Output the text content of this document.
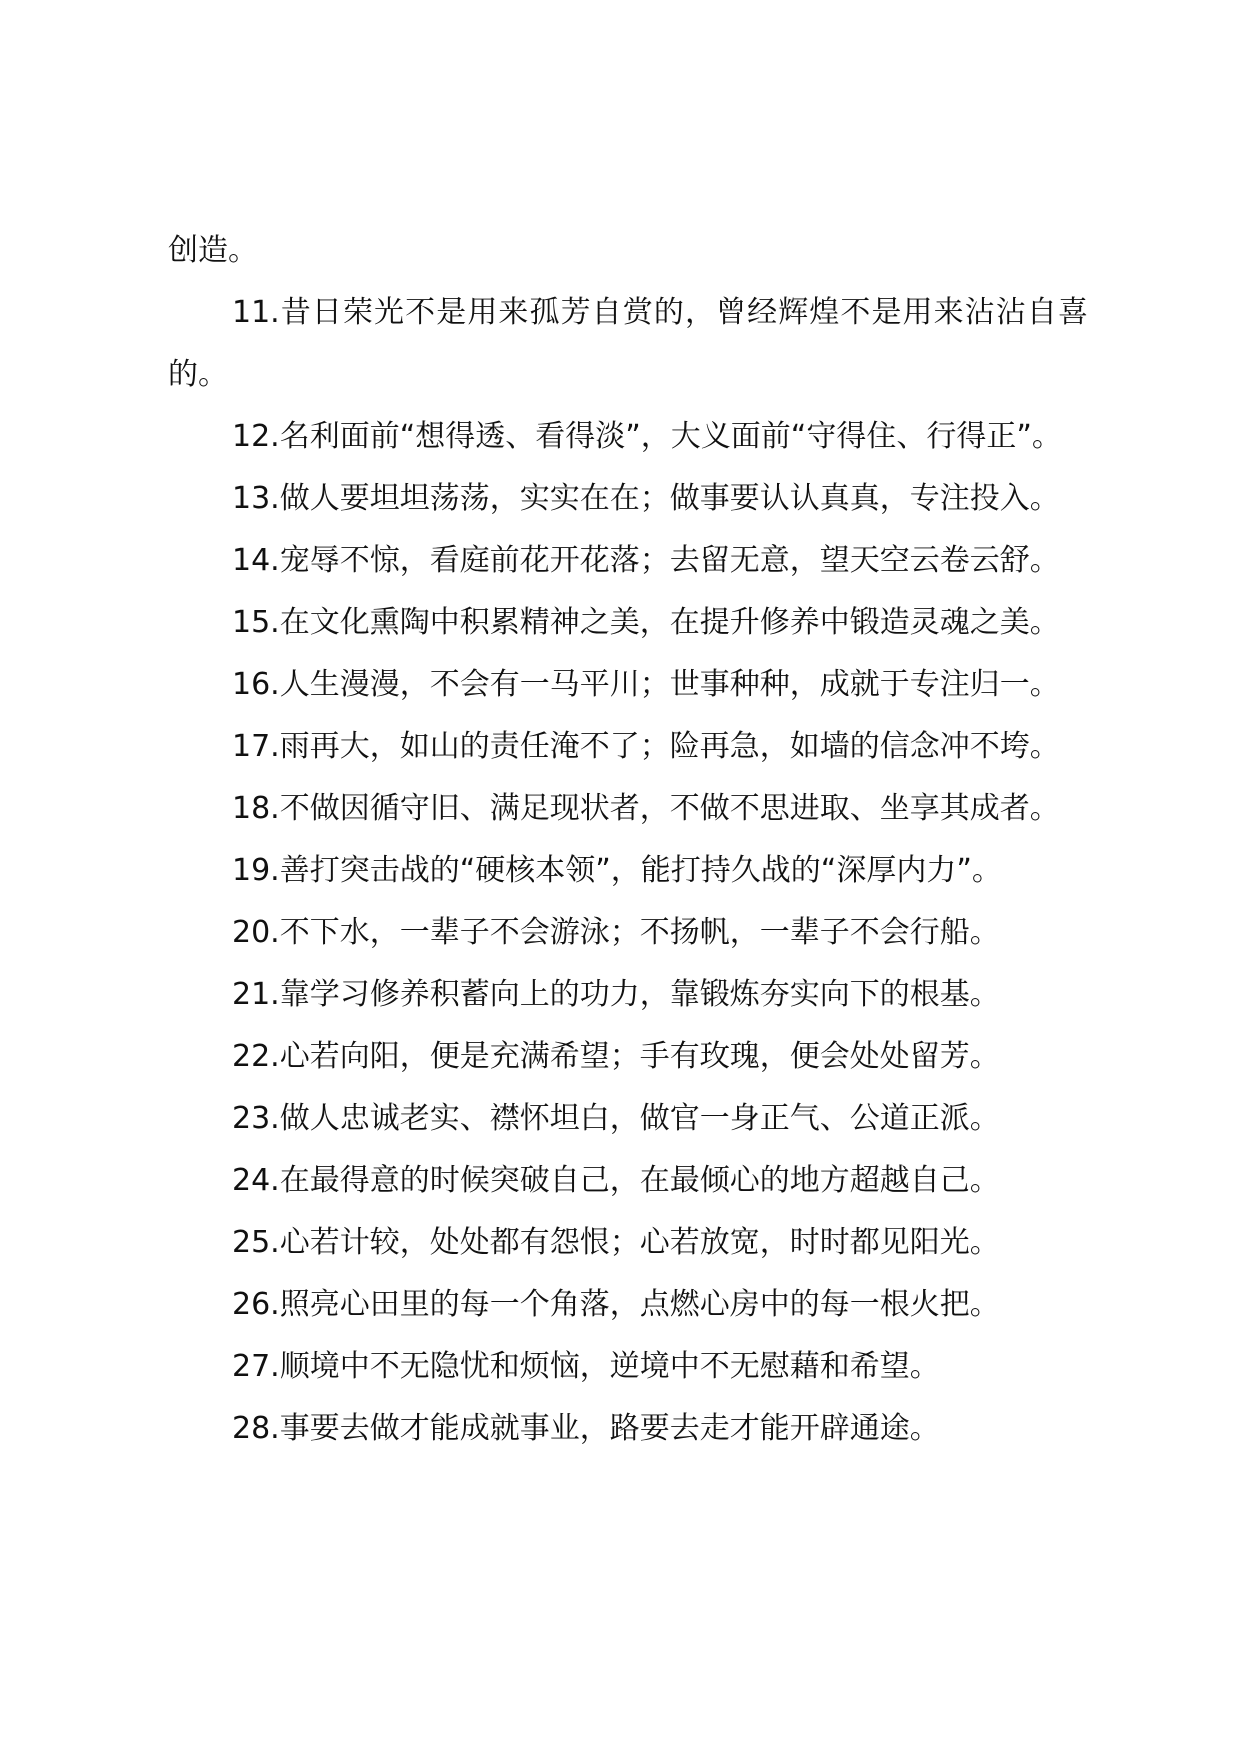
创造。

11.昔日荣光不是用来孤芳自赏的，曾经辉煌不是用来沾沾自喜的。

12.名利面前“想得透、看得淡”，大义面前“守得住、行得正”。

13.做人要坦坦荡荡，实实在在；做事要认认真真，专注投入。

14.宠辱不惊，看庭前花开花落；去留无意，望天空云卷云舒。

15.在文化熏陶中积累精神之美，在提升修养中锻造灵魂之美。

16.人生漫漫，不会有一马平川；世事种种，成就于专注归一。

17.雨再大，如山的责任淹不了；险再急，如墙的信念冲不垮。

18.不做因循守旧、满足现状者，不做不思进取、坐享其成者。

19.善打突击战的“硬核本领”，能打持久战的“深厚内力”。

20.不下水，一辈子不会游泳；不扬帆，一辈子不会行船。

21.靠学习修养积蓄向上的功力，靠锻炼夯实向下的根基。

22.心若向阳，便是充满希望；手有玫瑰，便会处处留芳。

23.做人忠诚老实、襟怀坦白，做官一身正气、公道正派。

24.在最得意的时候突破自己，在最倾心的地方超越自己。

25.心若计较，处处都有怨恨；心若放宽，时时都见阳光。

26.照亮心田里的每一个角落，点燃心房中的每一根火把。

27.顺境中不无隐忧和烦恼，逆境中不无慰藉和希望。

28.事要去做才能成就事业，路要去走才能开辟通途。
